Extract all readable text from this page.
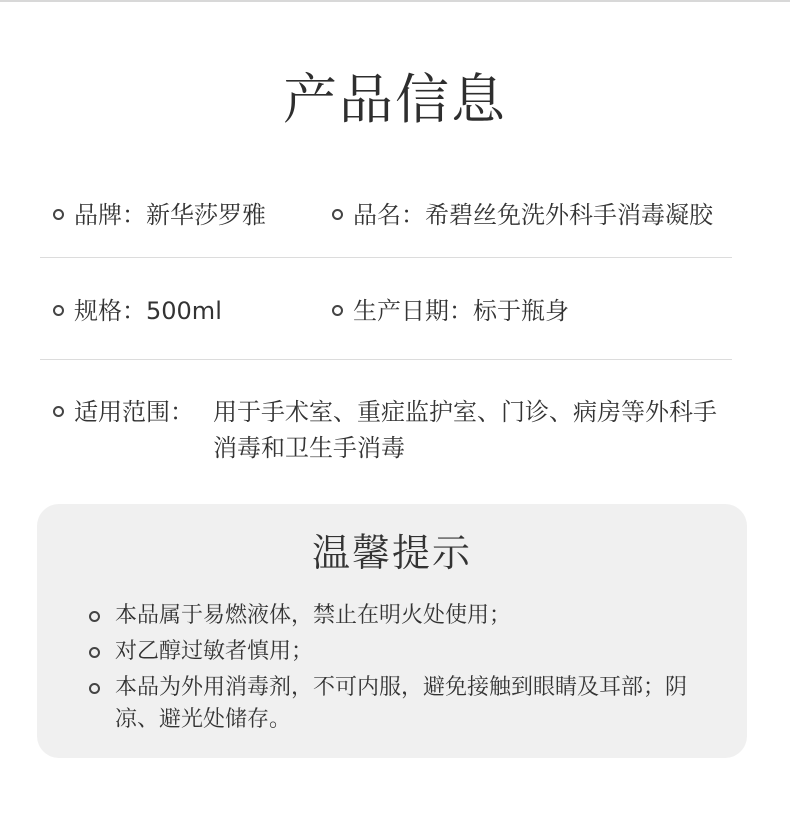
产品信息
品牌：新华莎罗雅	品名：希碧丝免洗外科手消毒凝胶
规格：500ml	生产日期：标于瓶身
适用范围： 用于手术室、重症监护室、门诊、病房等外科手消毒和卫生手消毒
温馨提示
本品属于易燃液体，禁止在明火处使用；
对乙醇过敏者慎用；
本品为外用消毒剂，不可内服，避免接触到眼睛及耳部；阴凉、避光处储存。
